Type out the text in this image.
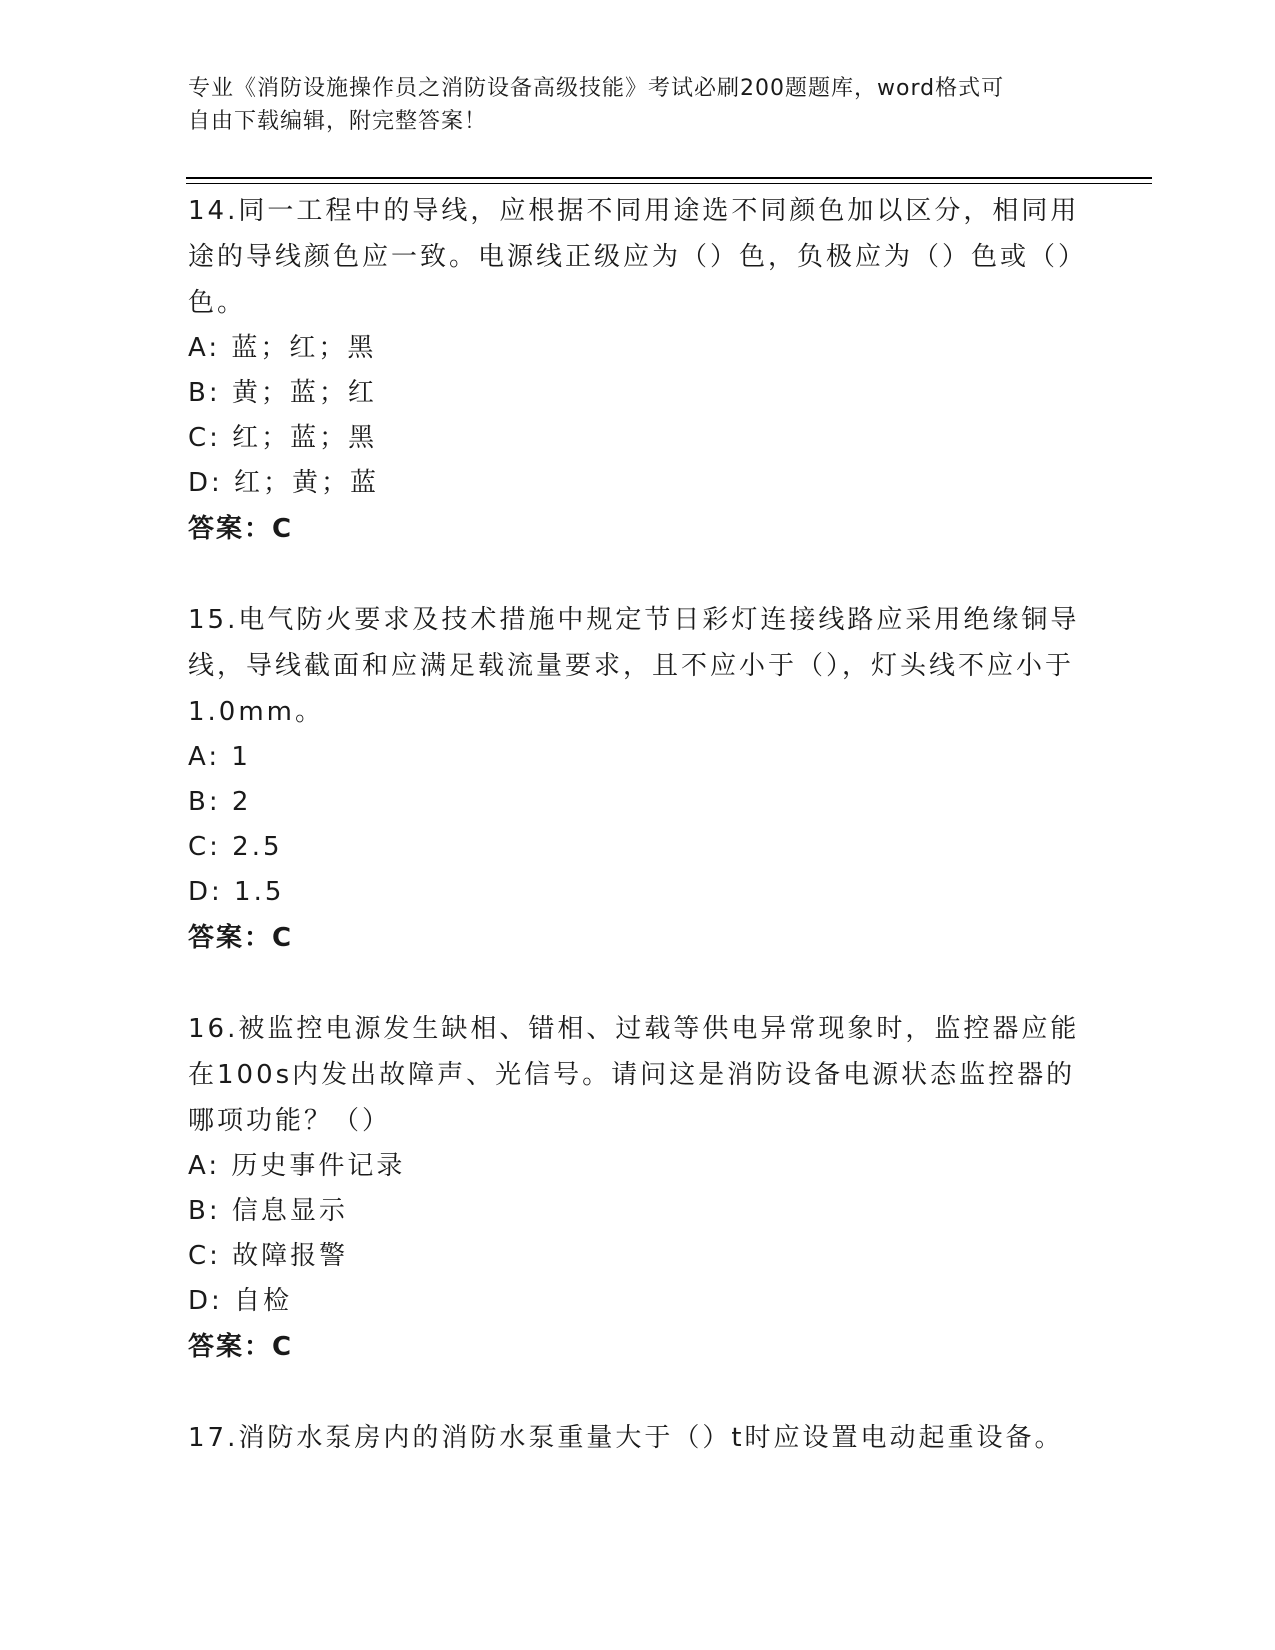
专业《消防设施操作员之消防设备高级技能》考试必刷200题题库，word格式可
自由下载编辑，附完整答案！

14.同一工程中的导线，应根据不同用途选不同颜色加以区分，相同用途的导线颜色应一致。电源线正级应为（）色，负极应为（）色或（）色。

A: 蓝；红；黑

B: 黄；蓝；红

C: 红；蓝；黑

D: 红；黄；蓝

答案：C

15.电气防火要求及技术措施中规定节日彩灯连接线路应采用绝缘铜导线，导线截面和应满足载流量要求，且不应小于（），灯头线不应小于1.0mm。

A: 1

B: 2

C: 2.5

D: 1.5

答案：C

16.被监控电源发生缺相、错相、过载等供电异常现象时，监控器应能在100s内发出故障声、光信号。请问这是消防设备电源状态监控器的哪项功能？（）

A: 历史事件记录

B: 信息显示

C: 故障报警

D: 自检

答案：C

17.消防水泵房内的消防水泵重量大于（）t时应设置电动起重设备。
